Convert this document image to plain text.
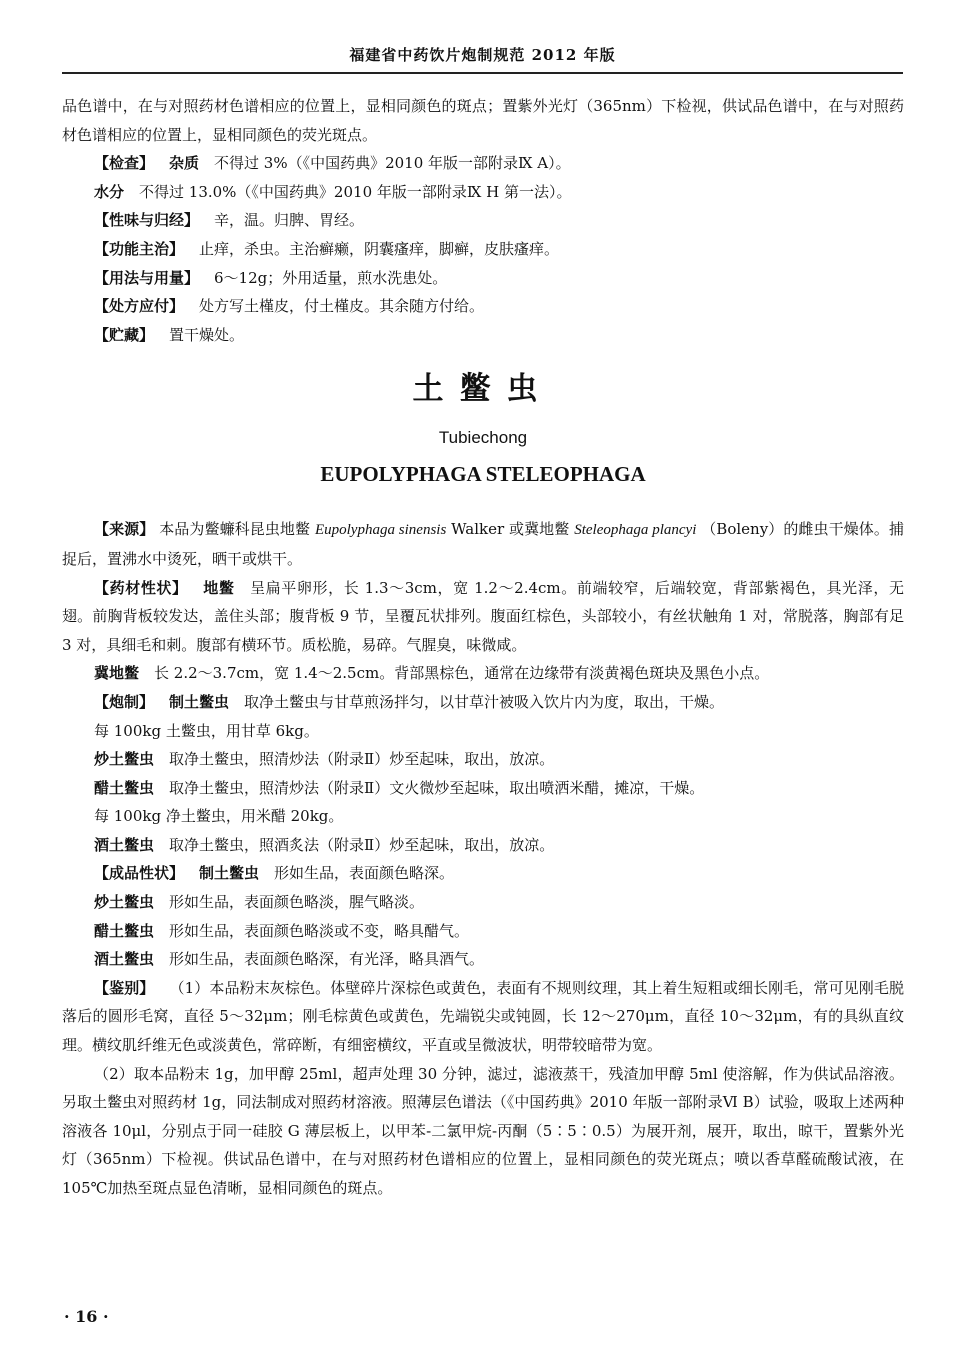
福建省中药饮片炮制规范 2012 年版

品色谱中，在与对照药材色谱相应的位置上，显相同颜色的斑点；置紫外光灯（365nm）下检视，供试品色谱中，在与对照药材色谱相应的位置上，显相同颜色的荧光斑点。

【检查】  杂质  不得过 3%（《中国药典》2010 年版一部附录Ⅸ A）。

水分  不得过 13.0%（《中国药典》2010 年版一部附录Ⅸ H 第一法）。

【性味与归经】  辛，温。归脾、胃经。

【功能主治】  止痒，杀虫。主治癣癞，阴囊瘙痒，脚癣，皮肤瘙痒。

【用法与用量】  6～12g；外用适量，煎水洗患处。

【处方应付】  处方写土槿皮，付土槿皮。其余随方付给。

【贮藏】  置干燥处。

土鳖虫
Tubiechong
EUPOLYPHAGA STELEOPHAGA

【来源】 本品为鳖蠊科昆虫地鳖 Eupolyphaga sinensis Walker 或冀地鳖 Steleophaga plancyi （Boleny）的雌虫干燥体。捕捉后，置沸水中烫死，晒干或烘干。

【药材性状】  地鳖  呈扁平卵形，长 1.3～3cm，宽 1.2～2.4cm。前端较窄，后端较宽，背部紫褐色，具光泽，无翅。前胸背板较发达，盖住头部；腹背板 9 节，呈覆瓦状排列。腹面红棕色，头部较小，有丝状触角 1 对，常脱落，胸部有足 3 对，具细毛和刺。腹部有横环节。质松脆，易碎。气腥臭，味微咸。

冀地鳖  长 2.2～3.7cm，宽 1.4～2.5cm。背部黑棕色，通常在边缘带有淡黄褐色斑块及黑色小点。

【炮制】  制土鳖虫  取净土鳖虫与甘草煎汤拌匀，以甘草汁被吸入饮片内为度，取出，干燥。

每 100kg 土鳖虫，用甘草 6kg。

炒土鳖虫  取净土鳖虫，照清炒法（附录Ⅱ）炒至起味，取出，放凉。

醋土鳖虫  取净土鳖虫，照清炒法（附录Ⅱ）文火微炒至起味，取出喷洒米醋，摊凉，干燥。

每 100kg 净土鳖虫，用米醋 20kg。

酒土鳖虫  取净土鳖虫，照酒炙法（附录Ⅱ）炒至起味，取出，放凉。

【成品性状】  制土鳖虫  形如生品，表面颜色略深。

炒土鳖虫  形如生品，表面颜色略淡，腥气略淡。

醋土鳖虫  形如生品，表面颜色略淡或不变，略具醋气。

酒土鳖虫  形如生品，表面颜色略深，有光泽，略具酒气。

【鉴别】  （1）本品粉末灰棕色。体壁碎片深棕色或黄色，表面有不规则纹理，其上着生短粗或细长刚毛，常可见刚毛脱落后的圆形毛窝，直径 5～32μm；刚毛棕黄色或黄色，先端锐尖或钝圆，长 12～270μm，直径 10～32μm，有的具纵直纹理。横纹肌纤维无色或淡黄色，常碎断，有细密横纹，平直或呈微波状，明带较暗带为宽。

（2）取本品粉末 1g，加甲醇 25ml，超声处理 30 分钟，滤过，滤液蒸干，残渣加甲醇 5ml 使溶解，作为供试品溶液。另取土鳖虫对照药材 1g，同法制成对照药材溶液。照薄层色谱法（《中国药典》2010 年版一部附录Ⅵ B）试验，吸取上述两种溶液各 10μl，分别点于同一硅胶 G 薄层板上，以甲苯-二氯甲烷-丙酮（5∶5∶0.5）为展开剂，展开，取出，晾干，置紫外光灯（365nm）下检视。供试品色谱中，在与对照药材色谱相应的位置上，显相同颜色的荧光斑点；喷以香草醛硫酸试液，在 105℃加热至斑点显色清晰，显相同颜色的斑点。

· 16 ·
